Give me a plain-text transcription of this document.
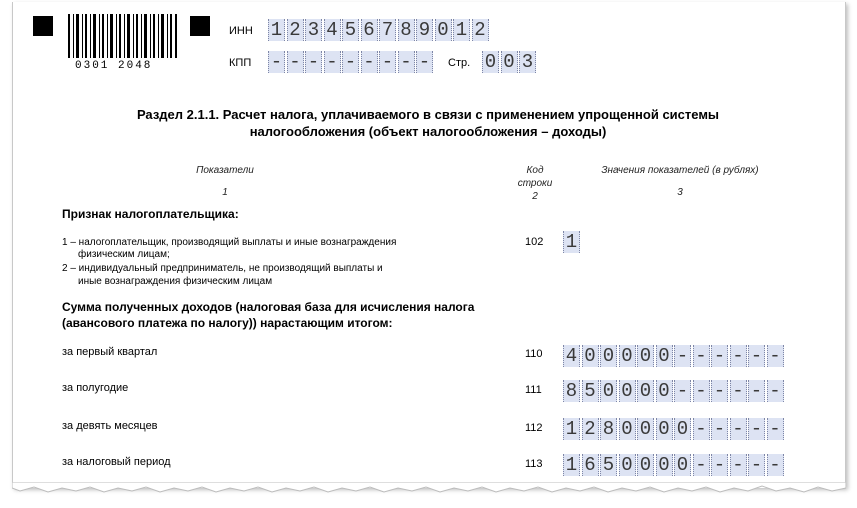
0301 2048
ИНН 1 2 3 4 5 6 7 8 9 0 1 2
КПП - - - - - - - - - Стр. 0 0 3
Раздел 2.1.1. Расчет налога, уплачиваемого в связи с применением упрощенной системы
налогообложения (объект налогообложения – доходы)
Показатели
1
Код
строки
2
Значения показателей (в рублях)
3
Признак налогоплательщика:
1 – налогоплательщик, производящий выплаты и иные вознаграждения
физическим лицам;
2 – индивидуальный предприниматель, не производящий выплаты и
иные вознаграждения физическим лицам
102 1
Сумма полученных доходов (налоговая база для исчисления налога
(авансового платежа по налогу)) нарастающим итогом:
за первый квартал	110 4 0 0 0 0 0 - - - - - -
за полугодие	111 8 5 0 0 0 0 - - - - - -
за девять месяцев	112 1 2 8 0 0 0 0 - - - - -
за налоговый период	113 1 6 5 0 0 0 0 - - - - -
